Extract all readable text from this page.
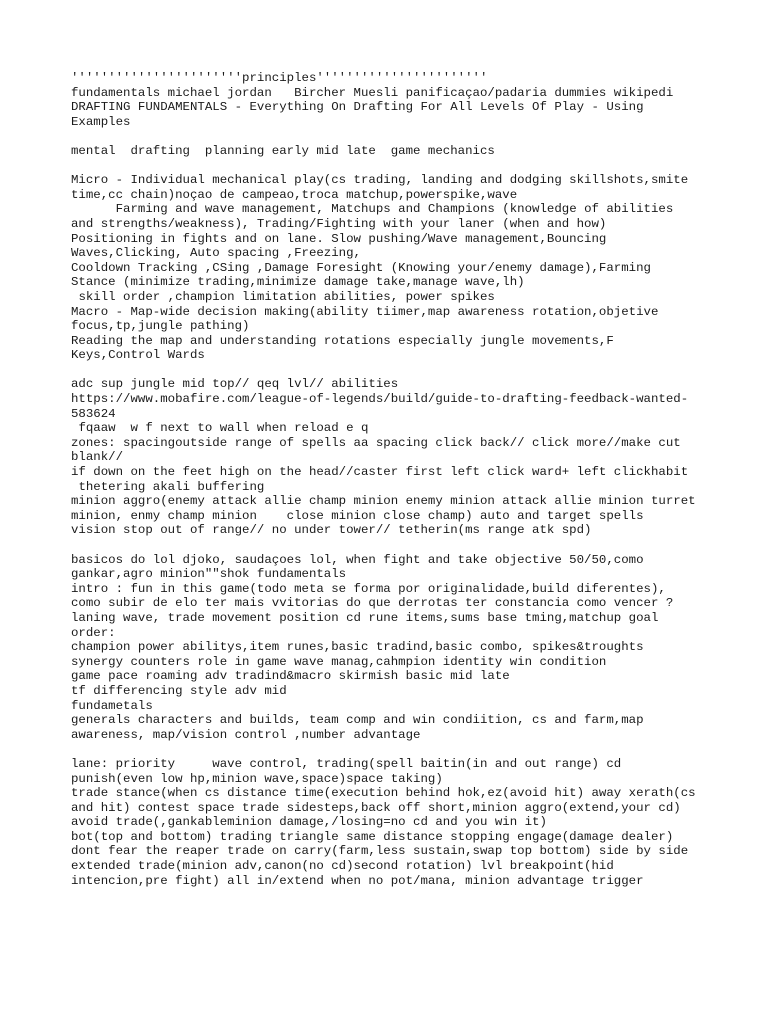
'''''''''''''''''''''''principles'''''''''''''''''''''''

fundamentals michael jordan   Bircher Muesli panificaçao/padaria dummies wikipedi

DRAFTING FUNDAMENTALS - Everything On Drafting For All Levels Of Play - Using Examples

mental  drafting  planning early mid late  game mechanics

Micro - Individual mechanical play(cs trading, landing and dodging skillshots,smite time,cc chain)noçao de campeao,troca matchup,powerspike,wave

Farming and wave management, Matchups and Champions (knowledge of abilities and strengths/weakness), Trading/Fighting with your laner (when and how)

Positioning in fights and on lane. Slow pushing/Wave management,Bouncing Waves,Clicking, Auto spacing ,Freezing,

Cooldown Tracking ,CSing ,Damage Foresight (Knowing your/enemy damage),Farming Stance (minimize trading,minimize damage take,manage wave,lh)

skill order ,champion limitation abilities, power spikes

Macro - Map-wide decision making(ability tiimer,map awareness rotation,objetive focus,tp,jungle pathing)

Reading the map and understanding rotations especially jungle movements,F Keys,Control Wards

adc sup jungle mid top// qeq lvl// abilities

https://www.mobafire.com/league-of-legends/build/guide-to-drafting-feedback-wanted-583624

fqaaw  w f next to wall when reload e q

zones: spacingoutside range of spells aa spacing click back// click more//make cut blank//

if down on the feet high on the head//caster first left click ward+ left clickhabit

thetering akali buffering

minion aggro(enemy attack allie champ minion enemy minion attack allie minion turret minion, enmy champ minion    close minion close champ) auto and target spells

vision stop out of range// no under tower// tetherin(ms range atk spd)

basicos do lol djoko, saudaçoes lol, when fight and take objective 50/50,como gankar,agro minion""shok fundamentals

intro : fun in this game(todo meta se forma por originalidade,build diferentes),

como subir de elo ter mais vvitorias do que derrotas ter constancia como vencer ?

laning wave, trade movement position cd rune items,sums base tming,matchup goal order:

champion power abilitys,item runes,basic tradind,basic combo, spikes&troughts

synergy counters role in game wave manag,cahmpion identity win condition

game pace roaming adv tradind&macro skirmish basic mid late

tf differencing style adv mid

fundametals

generals characters and builds, team comp and win condiition, cs and farm,map awareness, map/vision control ,number advantage

lane: priority     wave control, trading(spell baitin(in and out range) cd punish(even low hp,minion wave,space)space taking)

trade stance(when cs distance time(execution behind hok,ez(avoid hit) away xerath(cs and hit) contest space trade sidesteps,back off short,minion aggro(extend,your cd)

avoid trade(,gankableminion damage,/losing=no cd and you win it)

bot(top and bottom) trading triangle same distance stopping engage(damage dealer)

dont fear the reaper trade on carry(farm,less sustain,swap top bottom) side by side

extended trade(minion adv,canon(no cd)second rotation) lvl breakpoint(hid intencion,pre fight) all in/extend when no pot/mana, minion advantage trigger
